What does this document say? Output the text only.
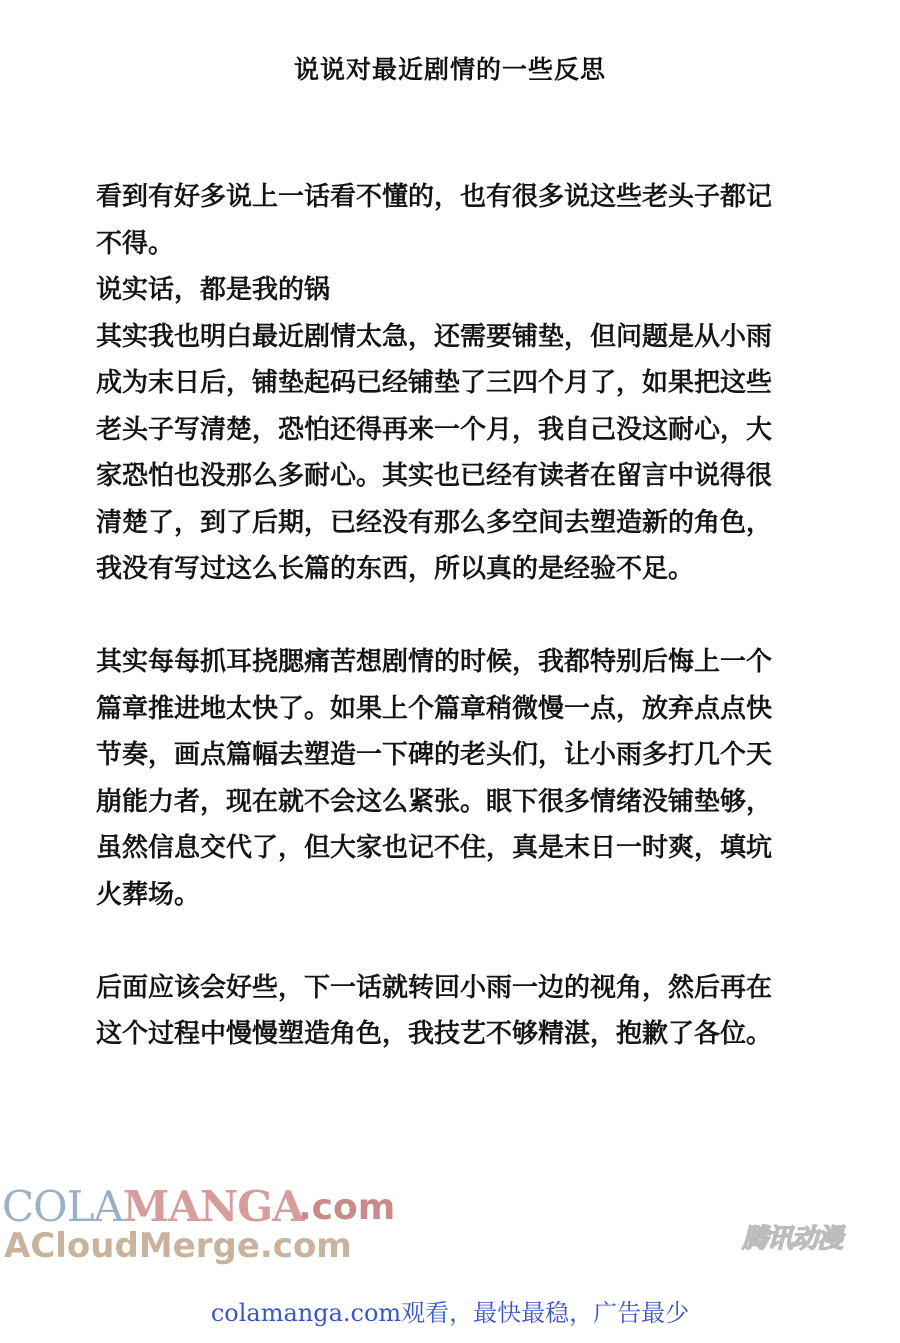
说说对最近剧情的一些反思
看到有好多说上一话看不懂的，也有很多说这些老头子都记
不得。
说实话，都是我的锅
其实我也明白最近剧情太急，还需要铺垫，但问题是从小雨
成为末日后，铺垫起码已经铺垫了三四个月了，如果把这些
老头子写清楚，恐怕还得再来一个月，我自己没这耐心，大
家恐怕也没那么多耐心。其实也已经有读者在留言中说得很
清楚了，到了后期，已经没有那么多空间去塑造新的角色，
我没有写过这么长篇的东西，所以真的是经验不足。
其实每每抓耳挠腮痛苦想剧情的时候，我都特别后悔上一个
篇章推进地太快了。如果上个篇章稍微慢一点，放弃点点快
节奏，画点篇幅去塑造一下碑的老头们，让小雨多打几个天
崩能力者，现在就不会这么紧张。眼下很多情绪没铺垫够，
虽然信息交代了，但大家也记不住，真是末日一时爽，填坑
火葬场。
后面应该会好些，下一话就转回小雨一边的视角，然后再在
这个过程中慢慢塑造角色，我技艺不够精湛，抱歉了各位。
COLAMANGA
.com
ACloudMerge.com	腾讯动漫
colamanga.com观看，最快最稳，广告最少
